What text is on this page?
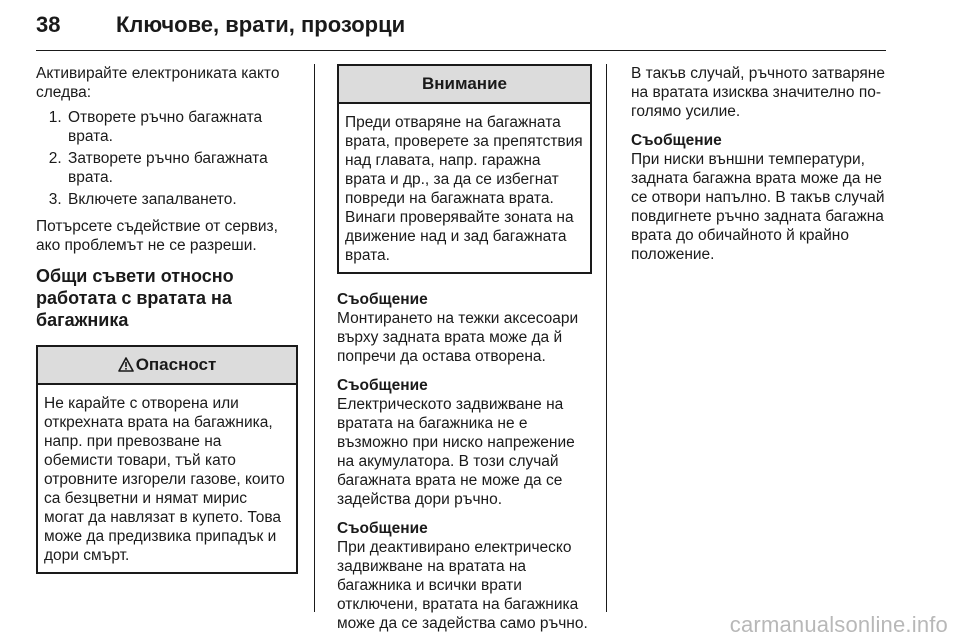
38	Ключове, врати, прозорци

Активирайте електрониката както следва:

1. Отворете ръчно багажната врата.
2. Затворете ръчно багажната врата.
3. Включете запалването.

Потърсете съдействие от сервиз, ако проблемът не се разреши.

Общи съвети относно работата с вратата на багажника
Опасност
Не карайте с отворена или открехната врата на багажника, напр. при превозване на обемисти товари, тъй като отровните изгорели газове, които са безцветни и нямат мирис могат да навлязат в купето. Това може да предизвика припадък и дори смърт.
Внимание
Преди отваряне на багажната врата, проверете за препятствия над главата, напр. гаражна врата и др., за да се избегнат повреди на багажната врата. Винаги проверявайте зоната на движение над и зад багажната врата.
Съобщение
Монтирането на тежки аксесоари върху задната врата може да й попречи да остава отворена.
Съобщение
Електрическото задвижване на вратата на багажника не е възможно при ниско напрежение на акумулатора. В този случай багажната врата не може да се задейства дори ръчно.
Съобщение
При деактивирано електрическо задвижване на вратата на багажника и всички врати отключени, вратата на багажника може да се задейства само ръчно.

В такъв случай, ръчното затваряне на вратата изисква значително по-голямо усилие.

Съобщение
При ниски външни температури, задната багажна врата може да не се отвори напълно. В такъв случай повдигнете ръчно задната багажна врата до обичайното й крайно положение.
carmanualsonline.info
